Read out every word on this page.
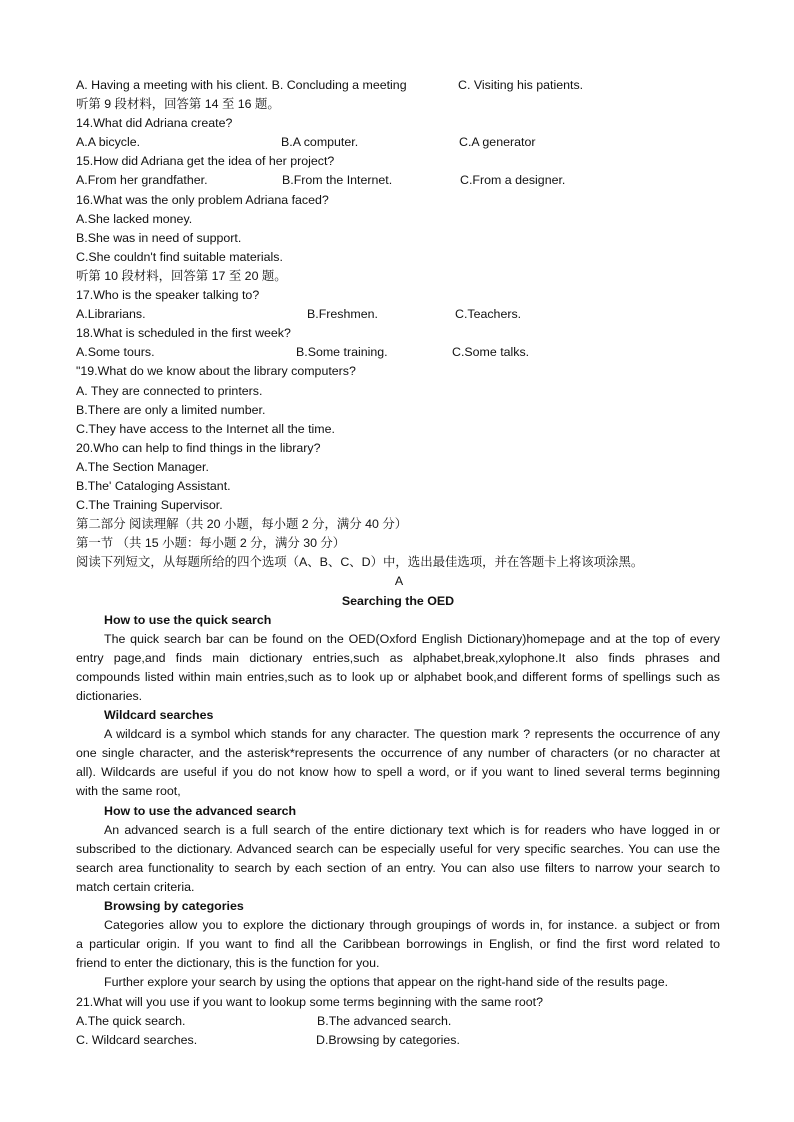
A. Having a meeting with his client. B. Concluding a meeting	C. Visiting his patients.
听第 9 段材料，回答第 14 至 16 题。
14.What did Adriana create?
A.A bicycle.	B.A computer.	C.A generator
15.How did Adriana get the idea of her project?
A.From her grandfather.	B.From the Internet.	C.From a designer.
16.What was the only problem Adriana faced?
A.She lacked money.
B.She was in need of support.
C.She couldn't find suitable materials.
听第 10 段材料，回答第 17 至 20 题。
17.Who is the speaker talking to?
A.Librarians.	B.Freshmen.	C.Teachers.
18.What is scheduled in the first week?
A.Some tours.	B.Some training.	C.Some talks.
"19.What do we know about the library computers?
A. They are connected to printers.
B.There are only a limited number.
C.They have access to the Internet all the time.
20.Who can help to find things in the library?
A.The Section Manager.
B.The' Cataloging Assistant.
C.The Training Supervisor.
第二部分 阅读理解（共 20 小题，每小题 2 分，满分 40 分）
第一节 （共 15 小题：每小题 2 分，满分 30 分）
阅读下列短文，从每题所给的四个选项（A、B、C、D）中，选出最佳选项，并在答题卡上将该项涂黑。
A
Searching the OED
How to use the quick search
The quick search bar can be found on the OED(Oxford English Dictionary)homepage and at the top of every
entry page,and finds main dictionary entries,such as alphabet,break,xylophone.It also finds phrases and
compounds listed within main entries,such as to look up or alphabet book,and different forms of spellings such as
dictionaries.
Wildcard searches
A wildcard is a symbol which stands for any character. The question mark ? represents the occurrence of any
one single character, and the asterisk*represents the occurrence of any number of characters (or no character at
all). Wildcards are useful if you do not know how to spell a word, or if you want to lined several terms beginning
with the same root,
How to use the advanced search
An advanced search is a full search of the entire dictionary text which is for readers who have logged in or
subscribed to the dictionary. Advanced search can be especially useful for very specific searches. You can use the
search area functionality to search by each section of an entry. You can also use filters to narrow your search to
match certain criteria.
Browsing by categories
Categories allow you to explore the dictionary through groupings of words in, for instance. a subject or from
a particular origin. If you want to find all the Caribbean borrowings in English, or find the first word related to
friend to enter the dictionary, this is the function for you.
Further explore your search by using the options that appear on the right-hand side of the results page.
21.What will you use if you want to lookup some terms beginning with the same root?
A.The quick search.	B.The advanced search.
C. Wildcard searches.	D.Browsing by categories.
